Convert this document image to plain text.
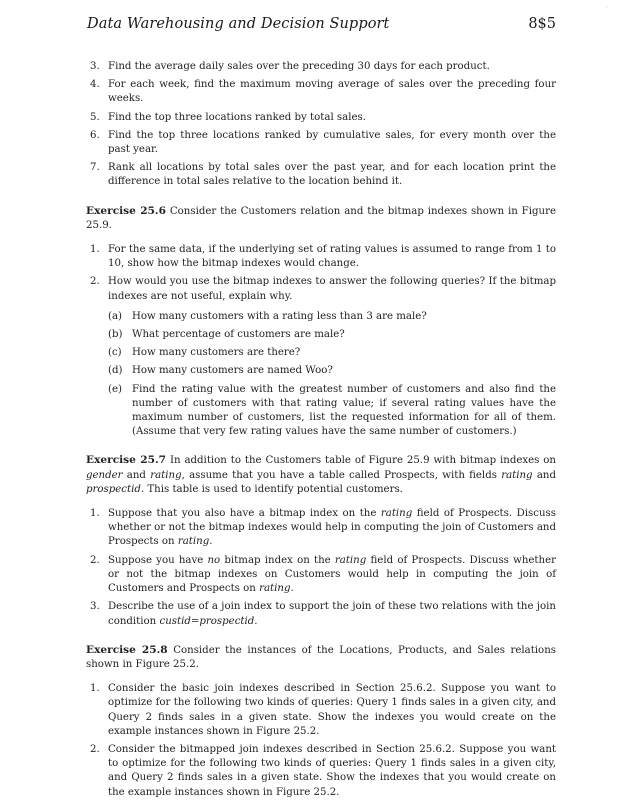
·
Data Warehousing and Decision Support	8$5
3. Find the average daily sales over the preceding 30 days for each product.
4. For each week, find the maximum moving average of sales over the preceding four weeks.
5. Find the top three locations ranked by total sales.
6. Find the top three locations ranked by cumulative sales, for every month over the past year.
7. Rank all locations by total sales over the past year, and for each location print the difference in total sales relative to the location behind it.

Exercise 25.6 Consider the Customers relation and the bitmap indexes shown in Figure 25.9.

1. For the same data, if the underlying set of rating values is assumed to range from 1 to 10, show how the bitmap indexes would change.
2. How would you use the bitmap indexes to answer the following queries? If the bitmap indexes are not useful, explain why.
(a) How many customers with a rating less than 3 are male?
(b) What percentage of customers are male?
(c) How many customers are there?
(d) How many customers are named Woo?
(e) Find the rating value with the greatest number of customers and also find the number of customers with that rating value; if several rating values have the maximum number of customers, list the requested information for all of them. (Assume that very few rating values have the same number of customers.)

Exercise 25.7 In addition to the Customers table of Figure 25.9 with bitmap indexes on gender and rating, assume that you have a table called Prospects, with fields rating and prospectid. This table is used to identify potential customers.

1. Suppose that you also have a bitmap index on the rating field of Prospects. Discuss whether or not the bitmap indexes would help in computing the join of Customers and Prospects on rating.
2. Suppose you have no bitmap index on the rating field of Prospects. Discuss whether or not the bitmap indexes on Customers would help in computing the join of Customers and Prospects on rating.
3. Describe the use of a join index to support the join of these two relations with the join condition custid=prospectid.

Exercise 25.8 Consider the instances of the Locations, Products, and Sales relations shown in Figure 25.2.

1. Consider the basic join indexes described in Section 25.6.2. Suppose you want to optimize for the following two kinds of queries: Query 1 finds sales in a given city, and Query 2 finds sales in a given state. Show the indexes you would create on the example instances shown in Figure 25.2.
2. Consider the bitmapped join indexes described in Section 25.6.2. Suppose you want to optimize for the following two kinds of queries: Query 1 finds sales in a given city, and Query 2 finds sales in a given state. Show the indexes that you would create on the example instances shown in Figure 25.2.
